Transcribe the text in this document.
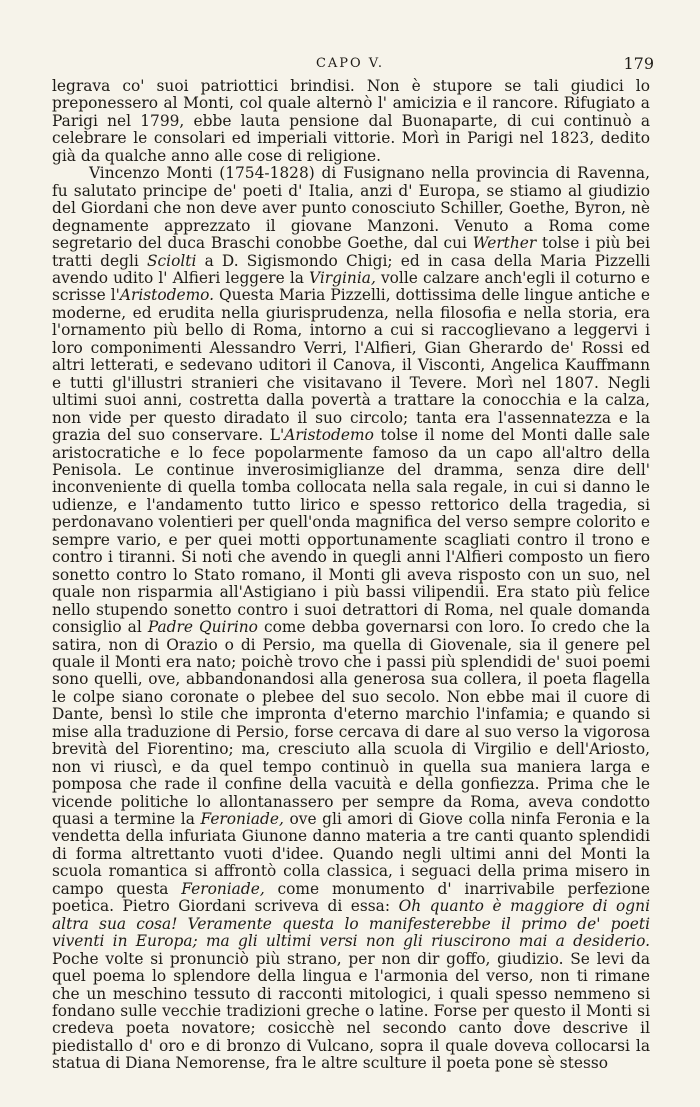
CAPO V.	179

legrava co' suoi patriottici brindisi. Non è stupore se tali giudici lo preponessero al Monti, col quale alternò l' amicizia e il rancore. Rifugiato a Parigi nel 1799, ebbe lauta pensione dal Buonaparte, di cui continuò a celebrare le consolari ed imperiali vittorie. Morì in Parigi nel 1823, dedito già da qualche anno alle cose di religione.

Vincenzo Monti (1754-1828) di Fusignano nella provincia di Ravenna, fu salutato principe de' poeti d' Italia, anzi d' Europa, se stiamo al giudizio del Giordani che non deve aver punto conosciuto Schiller, Goethe, Byron, nè degnamente apprezzato il giovane Manzoni. Venuto a Roma come segretario del duca Braschi conobbe Goethe, dal cui Werther tolse i più bei tratti degli Sciolti a D. Sigismondo Chigi; ed in casa della Maria Pizzelli avendo udito l' Alfieri leggere la Virginia, volle calzare anch'egli il coturno e scrisse l'Aristodemo. Questa Maria Pizzelli, dottissima delle lingue antiche e moderne, ed erudita nella giurisprudenza, nella filosofia e nella storia, era l'ornamento più bello di Roma, intorno a cui si raccoglievano a leggervi i loro componimenti Alessandro Verri, l'Alfieri, Gian Gherardo de' Rossi ed altri letterati, e sedevano uditori il Canova, il Visconti, Angelica Kauffmann e tutti gl'illustri stranieri che visitavano il Tevere. Morì nel 1807. Negli ultimi suoi anni, costretta dalla povertà a trattare la conocchia e la calza, non vide per questo diradato il suo circolo; tanta era l'assennatezza e la grazia del suo conservare. L'Aristodemo tolse il nome del Monti dalle sale aristocratiche e lo fece popolarmente famoso da un capo all'altro della Penisola. Le continue inverosimiglianze del dramma, senza dire dell' inconveniente di quella tomba collocata nella sala regale, in cui si danno le udienze, e l'andamento tutto lirico e spesso rettorico della tragedia, si perdonavano volentieri per quell'onda magnifica del verso sempre colorito e sempre vario, e per quei motti opportunamente scagliati contro il trono e contro i tiranni. Si noti che avendo in quegli anni l'Alfieri composto un fiero sonetto contro lo Stato romano, il Monti gli aveva risposto con un suo, nel quale non risparmia all'Astigiano i più bassi vilipendii. Era stato più felice nello stupendo sonetto contro i suoi detrattori di Roma, nel quale domanda consiglio al Padre Quirino come debba governarsi con loro. Io credo che la satira, non di Orazio o di Persio, ma quella di Giovenale, sia il genere pel quale il Monti era nato; poichè trovo che i passi più splendidi de' suoi poemi sono quelli, ove, abbandonandosi alla generosa sua collera, il poeta flagella le colpe siano coronate o plebee del suo secolo. Non ebbe mai il cuore di Dante, bensì lo stile che impronta d'eterno marchio l'infamia; e quando si mise alla traduzione di Persio, forse cercava di dare al suo verso la vigorosa brevità del Fiorentino; ma, cresciuto alla scuola di Virgilio e dell'Ariosto, non vi riuscì, e da quel tempo continuò in quella sua maniera larga e pomposa che rade il confine della vacuità e della gonfiezza. Prima che le vicende politiche lo allontanassero per sempre da Roma, aveva condotto quasi a termine la Feroniade, ove gli amori di Giove colla ninfa Feronia e la vendetta della infuriata Giunone danno materia a tre canti quanto splendidi di forma altrettanto vuoti d'idee. Quando negli ultimi anni del Monti la scuola romantica si affrontò colla classica, i seguaci della prima misero in campo questa Feroniade, come monumento d' inarrivabile perfezione poetica. Pietro Giordani scriveva di essa: Oh quanto è maggiore di ogni altra sua cosa! Veramente questa lo manifesterebbe il primo de' poeti viventi in Europa; ma gli ultimi versi non gli riuscirono mai a desiderio. Poche volte si pronunciò più strano, per non dir goffo, giudizio. Se levi da quel poema lo splendore della lingua e l'armonia del verso, non ti rimane che un meschino tessuto di racconti mitologici, i quali spesso nemmeno si fondano sulle vecchie tradizioni greche o latine. Forse per questo il Monti si credeva poeta novatore; cosicchè nel secondo canto dove descrive il piedistallo d' oro e di bronzo di Vulcano, sopra il quale doveva collocarsi la statua di Diana Nemorense, fra le altre sculture il poeta pone sè stesso
